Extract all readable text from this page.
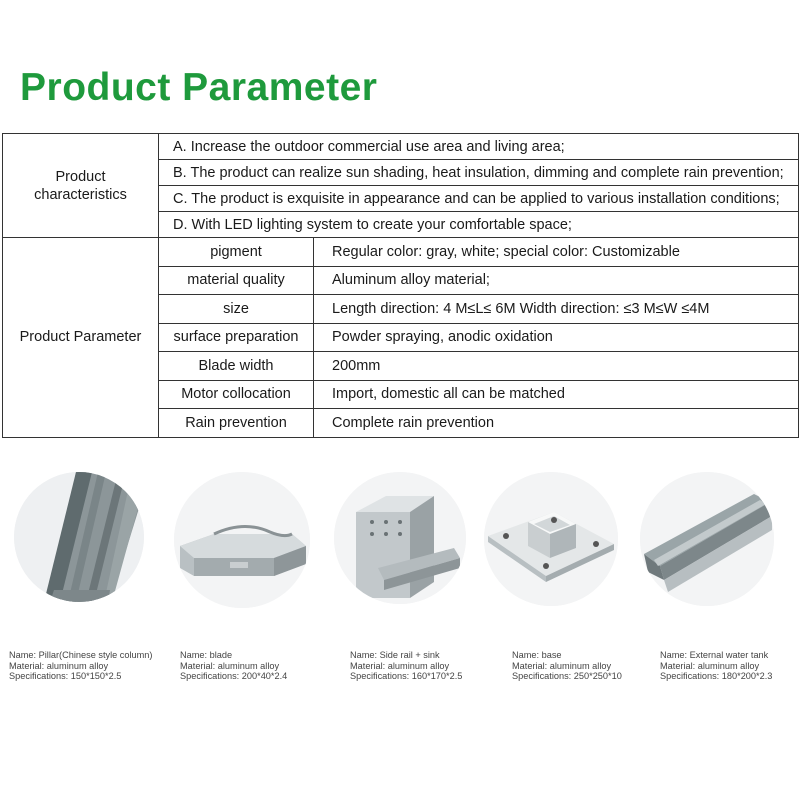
Product Parameter
Product characteristics	A. Increase the outdoor commercial use area and living area;	
	B. The product can realize sun shading, heat insulation, dimming and complete rain prevention;	
	C. The product is exquisite in appearance and can be applied to various installation conditions;	
	D. With LED lighting system to create your comfortable space;	
Product Parameter	pigment	Regular color: gray, white; special color: Customizable
	material quality	Aluminum alloy material;
	size	Length direction: 4 M≤L≤ 6M Width direction: ≤3 M≤W ≤4M
	surface preparation	Powder spraying, anodic oxidation
	Blade width	200mm
	Motor collocation	Import, domestic all can be matched
	Rain prevention	Complete rain prevention
Name: Pillar(Chinese style column)
Material: aluminum alloy
Specifications: 150*150*2.5
Name: blade
Material: aluminum alloy
Specifications: 200*40*2.4
Name: Side rail + sink
Material: aluminum alloy
Specifications: 160*170*2.5
Name: base
Material: aluminum alloy
Specifications: 250*250*10
Name: External water tank
Material: aluminum alloy
Specifications: 180*200*2.3
